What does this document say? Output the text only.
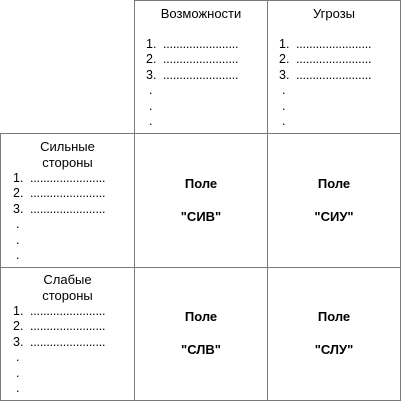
Возможности
1. .......................
2. .......................
3. .......................
.
.
.
Угрозы
1. .......................
2. .......................
3. .......................
.
.
.
Сильные
стороны
1. .......................
2. .......................
3. .......................
.
.
.
Слабые
стороны
1. .......................
2. .......................
3. .......................
.
.
.
Поле
"СИВ"
Поле
"СИУ"
Поле
"СЛВ"
Поле
"СЛУ"
